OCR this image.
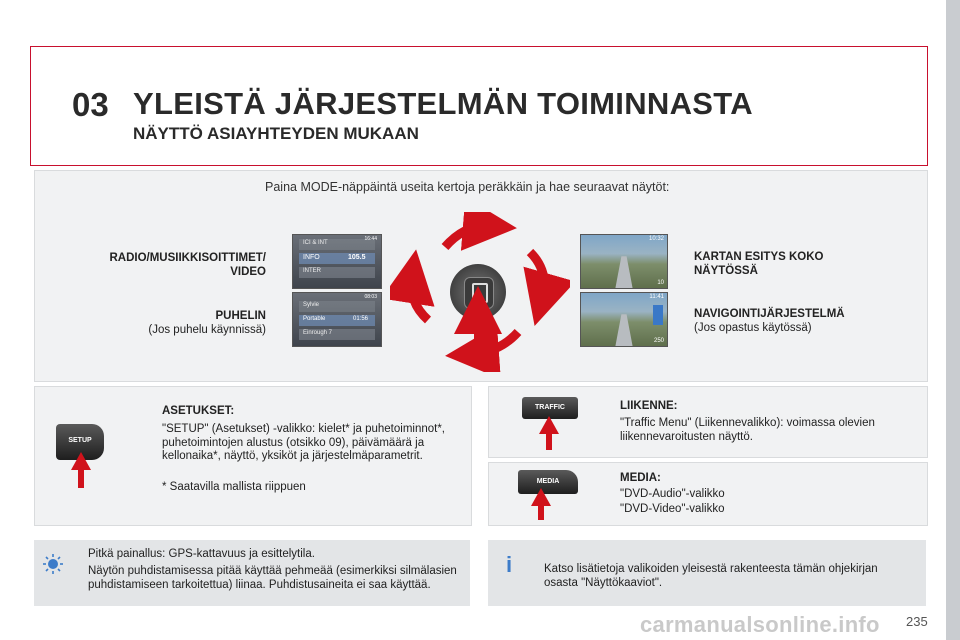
03 YLEISTÄ JÄRJESTELMÄN TOIMINNASTA
NÄYTTÖ ASIAYHTEYDEN MUKAAN
Paina MODE-näppäintä useita kertoja peräkkäin ja hae seuraavat näytöt:
RADIO/MUSIIKKISOITTIMET/
VIDEO
PUHELIN
(Jos puhelu käynnissä)
KARTAN ESITYS KOKO
NÄYTÖSSÄ
NAVIGOINTIJÄRJESTELMÄ
(Jos opastus käytössä)
ICI & INT
INFO	105.5
INTER
16:44
Sylvie
Portable	01:56
Einrough 7
08:03
10:32
10
11:41
250
SETUP
ASETUKSET:
"SETUP" (Asetukset) -valikko: kielet* ja puhetoiminnot*, puhetoimintojen alustus (otsikko 09), päivämäärä ja kellonaika*, näyttö, yksiköt ja järjestelmäparametrit.
* Saatavilla mallista riippuen
TRAFFIC	LIIKENNE:
"Traffic Menu" (Liikennevalikko): voimassa olevien liikennevaroitusten näyttö.
MEDIA	MEDIA:
"DVD-Audio"-valikko
"DVD-Video"-valikko
Pitkä painallus: GPS-kattavuus ja esittelytila.
Näytön puhdistamisessa pitää käyttää pehmeää (esimerkiksi silmälasien puhdistamiseen tarkoitettua) liinaa. Puhdistusaineita ei saa käyttää.
i	Katso lisätietoja valikoiden yleisestä rakenteesta tämän ohjekirjan osasta "Näyttökaaviot".
carmanualsonline.info 235
